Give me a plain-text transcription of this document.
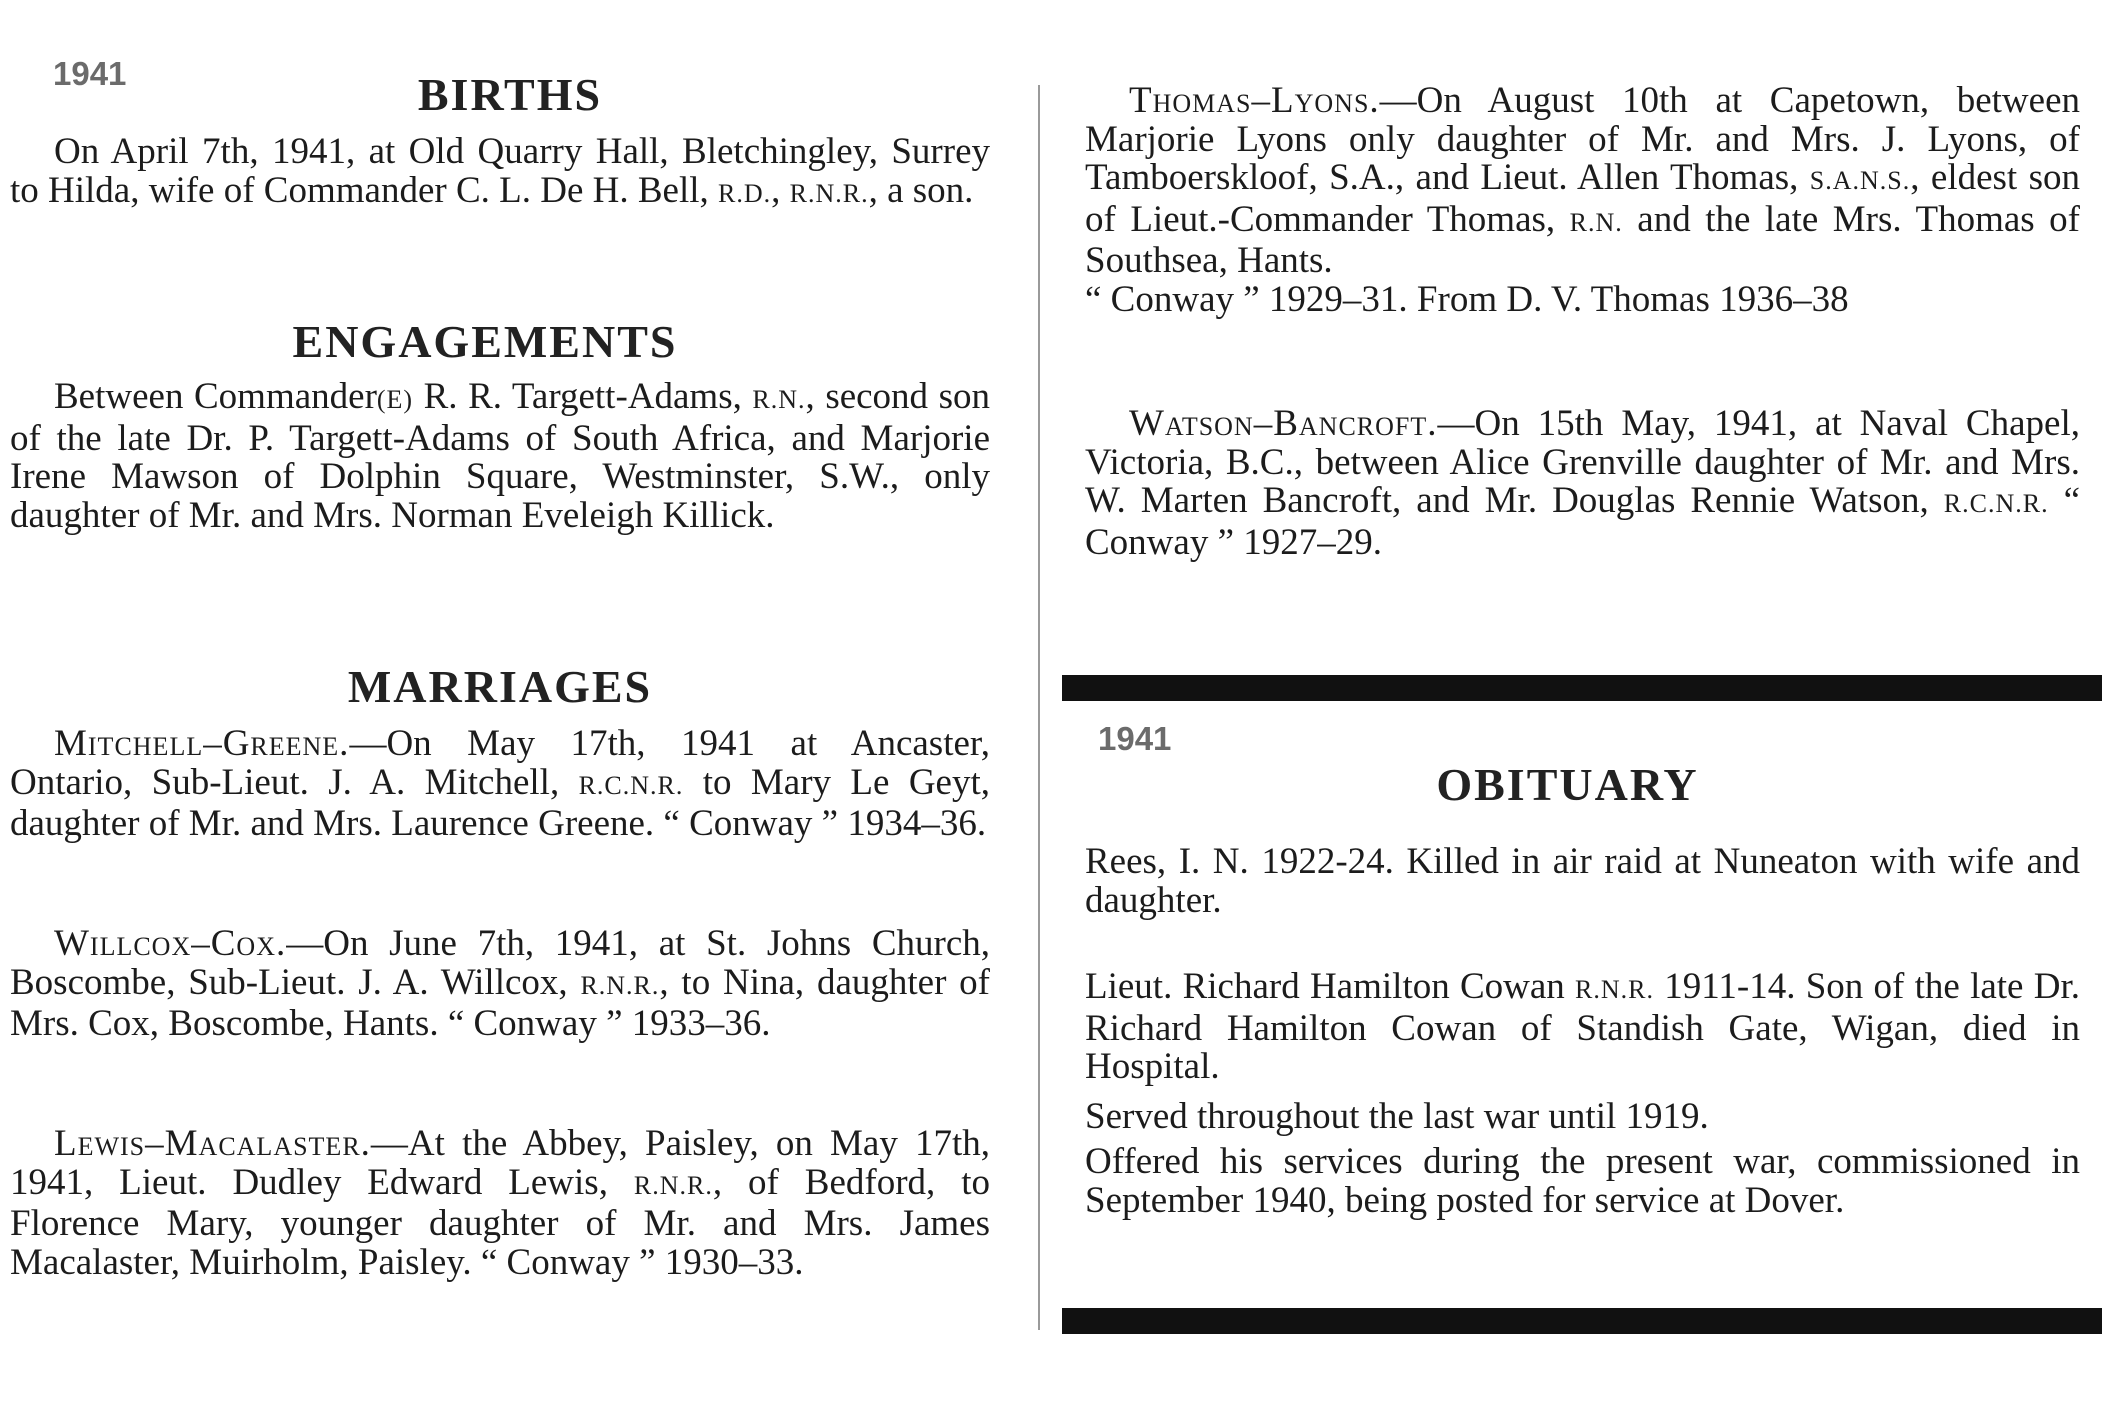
1941	BIRTHS
On April 7th, 1941, at Old Quarry Hall, Bletchingley, Surrey to Hilda, wife of Commander C. L. De H. Bell, R.D., R.N.R., a son.
ENGAGEMENTS
Between Commander(E) R. R. Targett-Adams, R.N., second son of the late Dr. P. Targett-Adams of South Africa, and Marjorie Irene Mawson of Dolphin Square, Westminster, S.W., only daughter of Mr. and Mrs. Norman Eveleigh Killick.
MARRIAGES
Mitchell–Greene.—On May 17th, 1941 at Ancaster, Ontario, Sub-Lieut. J. A. Mitchell, R.C.N.R. to Mary Le Geyt, daughter of Mr. and Mrs. Laurence Greene. “ Conway ” 1934–36.
Willcox–Cox.—On June 7th, 1941, at St. Johns Church, Boscombe, Sub-Lieut. J. A. Willcox, R.N.R., to Nina, daughter of Mrs. Cox, Boscombe, Hants. “ Conway ” 1933–36.
Lewis–Macalaster.—At the Abbey, Paisley, on May 17th, 1941, Lieut. Dudley Edward Lewis, R.N.R., of Bedford, to Florence Mary, younger daughter of Mr. and Mrs. James Macalaster, Muirholm, Paisley. “ Conway ” 1930–33.

Thomas–Lyons.—On August 10th at Capetown, between Marjorie Lyons only daughter of Mr. and Mrs. J. Lyons, of Tamboerskloof, S.A., and Lieut. Allen Thomas, S.A.N.S., eldest son of Lieut.-Commander Thomas, R.N. and the late Mrs. Thomas of Southsea, Hants.

“ Conway ” 1929–31. From D. V. Thomas 1936–38

Watson–Bancroft.—On 15th May, 1941, at Naval Chapel, Victoria, B.C., between Alice Grenville daughter of Mr. and Mrs. W. Marten Bancroft, and Mr. Douglas Rennie Watson, R.C.N.R. “ Conway ” 1927–29.
1941
OBITUARY
Rees, I. N. 1922-24. Killed in air raid at Nuneaton with wife and daughter.
Lieut. Richard Hamilton Cowan R.N.R. 1911-14. Son of the late Dr. Richard Hamilton Cowan of Standish Gate, Wigan, died in Hospital.
Served throughout the last war until 1919.
Offered his services during the present war, commissioned in September 1940, being posted for service at Dover.
